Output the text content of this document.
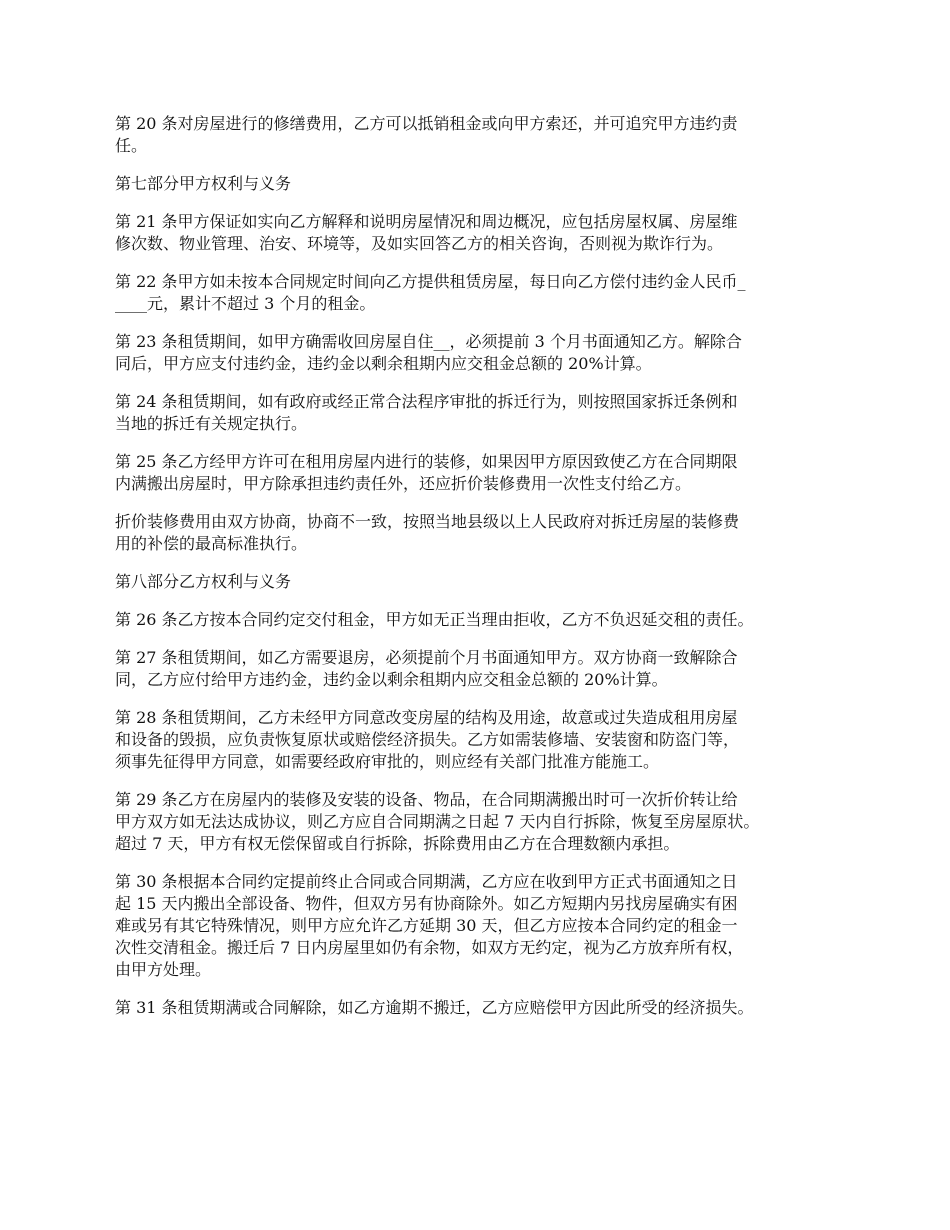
第 20 条对房屋进行的修缮费用，乙方可以抵销租金或向甲方索还，并可追究甲方违约责
任。

第七部分甲方权利与义务

第 21 条甲方保证如实向乙方解释和说明房屋情况和周边概况，应包括房屋权属、房屋维
修次数、物业管理、治安、环境等，及如实回答乙方的相关咨询，否则视为欺诈行为。

第 22 条甲方如未按本合同规定时间向乙方提供租赁房屋，每日向乙方偿付违约金人民币_
____元，累计不超过 3 个月的租金。

第 23 条租赁期间，如甲方确需收回房屋自住__，必须提前 3 个月书面通知乙方。解除合
同后，甲方应支付违约金，违约金以剩余租期内应交租金总额的 20%计算。

第 24 条租赁期间，如有政府或经正常合法程序审批的拆迁行为，则按照国家拆迁条例和
当地的拆迁有关规定执行。

第 25 条乙方经甲方许可在租用房屋内进行的装修，如果因甲方原因致使乙方在合同期限
内满搬出房屋时，甲方除承担违约责任外，还应折价装修费用一次性支付给乙方。

折价装修费用由双方协商，协商不一致，按照当地县级以上人民政府对拆迁房屋的装修费
用的补偿的最高标准执行。

第八部分乙方权利与义务

第 26 条乙方按本合同约定交付租金，甲方如无正当理由拒收，乙方不负迟延交租的责任。

第 27 条租赁期间，如乙方需要退房，必须提前个月书面通知甲方。双方协商一致解除合
同，乙方应付给甲方违约金，违约金以剩余租期内应交租金总额的 20%计算。

第 28 条租赁期间，乙方未经甲方同意改变房屋的结构及用途，故意或过失造成租用房屋
和设备的毁损，应负责恢复原状或赔偿经济损失。乙方如需装修墙、安装窗和防盗门等，
须事先征得甲方同意，如需要经政府审批的，则应经有关部门批准方能施工。

第 29 条乙方在房屋内的装修及安装的设备、物品，在合同期满搬出时可一次折价转让给
甲方双方如无法达成协议，则乙方应自合同期满之日起 7 天内自行拆除，恢复至房屋原状。
超过 7 天，甲方有权无偿保留或自行拆除，拆除费用由乙方在合理数额内承担。

第 30 条根据本合同约定提前终止合同或合同期满，乙方应在收到甲方正式书面通知之日
起 15 天内搬出全部设备、物件，但双方另有协商除外。如乙方短期内另找房屋确实有困
难或另有其它特殊情况，则甲方应允许乙方延期 30 天，但乙方应按本合同约定的租金一
次性交清租金。搬迁后 7 日内房屋里如仍有余物，如双方无约定，视为乙方放弃所有权，
由甲方处理。

第 31 条租赁期满或合同解除，如乙方逾期不搬迁，乙方应赔偿甲方因此所受的经济损失。
